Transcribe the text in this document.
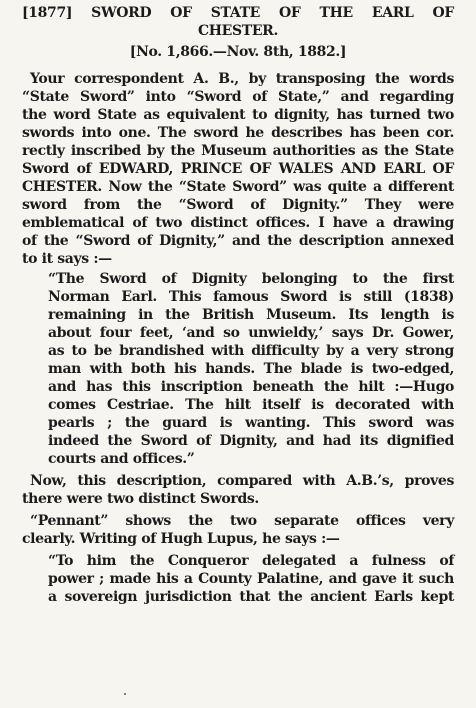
[1877] SWORD OF STATE OF THE EARL OF
CHESTER.
[No. 1,866.—Nov. 8th, 1882.]
Your correspondent A. B., by transposing the words
“State Sword” into “Sword of State,” and regarding
the word State as equivalent to dignity, has turned two
swords into one. The sword he describes has been cor.
rectly inscribed by the Museum authorities as the State
Sword of EDWARD, PRINCE OF WALES AND EARL OF
CHESTER. Now the “State Sword” was quite a different
sword from the “Sword of Dignity.” They were
emblematical of two distinct offices. I have a drawing
of the “Sword of Dignity,” and the description annexed
to it says :—
“The Sword of Dignity belonging to the first
Norman Earl. This famous Sword is still (1838)
remaining in the British Museum. Its length is
about four feet, ‘and so unwieldy,’ says Dr. Gower,
as to be brandished with difficulty by a very strong
man with both his hands. The blade is two-edged,
and has this inscription beneath the hilt :—Hugo
comes Cestriae. The hilt itself is decorated with
pearls ; the guard is wanting. This sword was
indeed the Sword of Dignity, and had its dignified
courts and offices.”
Now, this description, compared with A.B.’s, proves
there were two distinct Swords.
“Pennant” shows the two separate offices very
clearly. Writing of Hugh Lupus, he says :—
“To him the Conqueror delegated a fulness of
power ; made his a County Palatine, and gave it such
a sovereign jurisdiction that the ancient Earls kept
